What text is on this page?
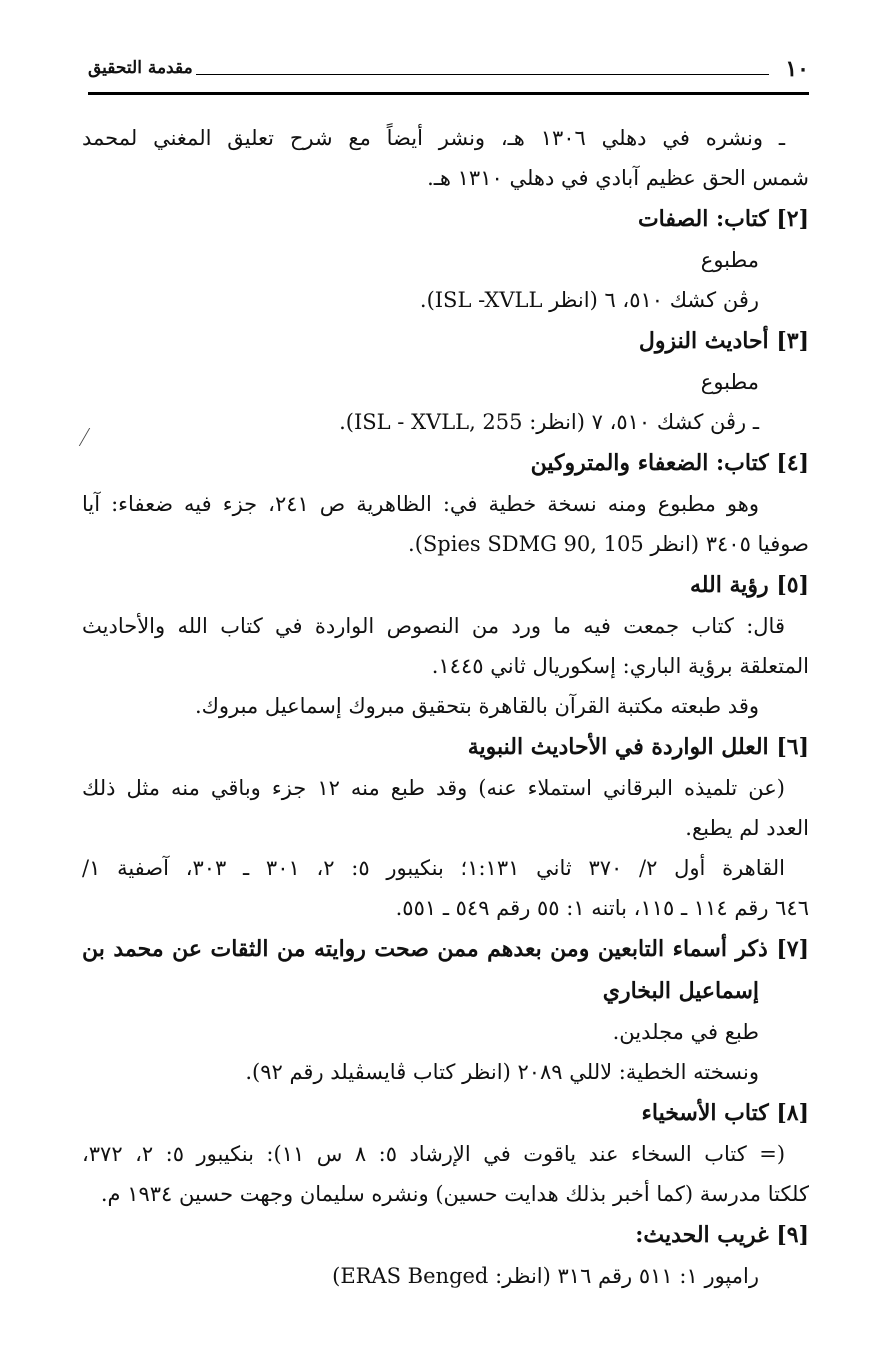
١٠
مقدمة التحقيق
ـ ونشره في دهلي ١٣٠٦ هـ، ونشر أيضاً مع شرح تعليق المغني لمحمد
شمس الحق عظيم آبادي في دهلي ١٣١٠ هـ.
[٢] كتاب: الصفات
مطبوع
رڤن كشك ٥١٠، ٦ (انظر ISL -XVLL).
[٣] أحاديث النزول
مطبوع
ـ رڤن كشك ٥١٠، ٧ (انظر: ISL - XVLL, 255).
[٤] كتاب: الضعفاء والمتروكين
وهو مطبوع ومنه نسخة خطية في: الظاهرية ص ٢٤١، جزء فيه ضعفاء: آيا
صوفيا ٣٤٠٥ (انظر Spies SDMG 90, 105).
[٥] رؤية الله
قال: كتاب جمعت فيه ما ورد من النصوص الواردة في كتاب الله والأحاديث
المتعلقة برؤية الباري: إسكوريال ثاني ١٤٤٥.
وقد طبعته مكتبة القرآن بالقاهرة بتحقيق مبروك إسماعيل مبروك.
[٦] العلل الواردة في الأحاديث النبوية
(عن تلميذه البرقاني استملاء عنه) وقد طبع منه ١٢ جزء وباقي منه مثل ذلك
العدد لم يطبع.
القاهرة أول ٢/ ٣٧٠ ثاني ١:١٣١؛ بنكيبور ٥: ٢، ٣٠١ ـ ٣٠٣، آصفية ١/
٦٤٦ رقم ١١٤ ـ ١١٥، باتنه ١: ٥٥ رقم ٥٤٩ ـ ٥٥١.
[٧] ذكر أسماء التابعين ومن بعدهم ممن صحت روايته من الثقات عن محمد بن
إسماعيل البخاري
طبع في مجلدين.
ونسخته الخطية: لاللي ٢٠٨٩ (انظر كتاب ڤايسڤيلد رقم ٩٢).
[٨] كتاب الأسخياء
(= كتاب السخاء عند ياقوت في الإرشاد ٥: ٨ س ١١): بنكيبور ٥: ٢، ٣٧٢،
كلكتا مدرسة (كما أخبر بذلك هدايت حسين) ونشره سليمان وجهت حسين ١٩٣٤ م.
[٩] غريب الحديث:
رامپور ١: ٥١١ رقم ٣١٦ (انظر: ERAS Benged)
